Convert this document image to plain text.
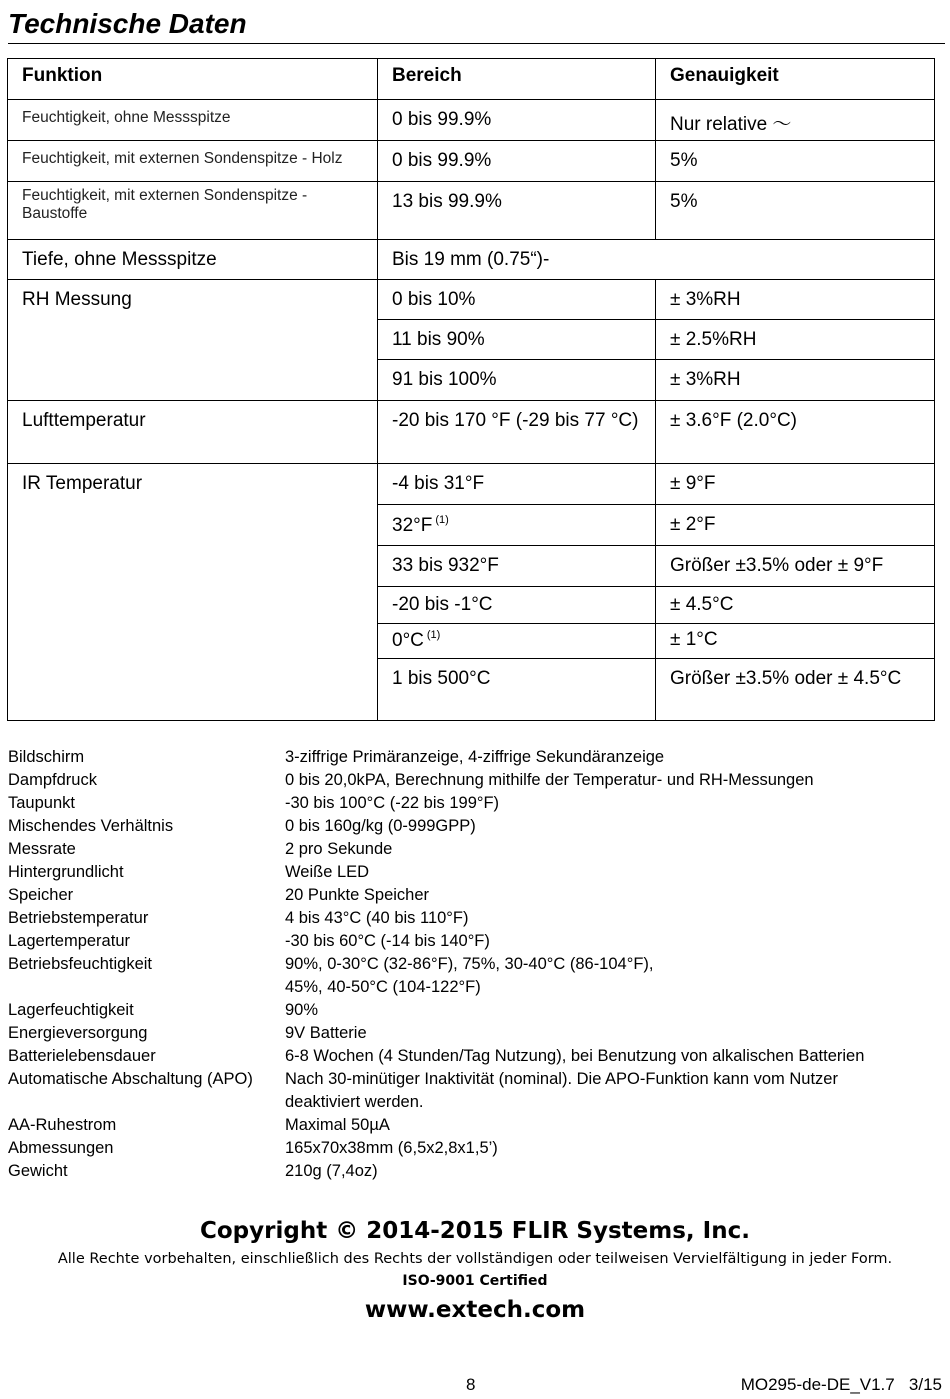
Technische Daten
Funktion	Bereich	Genauigkeit
Feuchtigkeit, ohne Messspitze	0 bis 99.9%	Nur relative ～
Feuchtigkeit, mit externen Sondenspitze - Holz	0 bis 99.9%	5%
Feuchtigkeit, mit externen Sondenspitze - Baustoffe	13 bis 99.9%	5%
Tiefe, ohne Messspitze	Bis 19 mm (0.75“)-	
RH Messung	0 bis 10%	± 3%RH
	11 bis 90%	± 2.5%RH
	91 bis 100%	± 3%RH
Lufttemperatur	-20 bis 170 °F (-29 bis 77 °C)	± 3.6°F (2.0°C)
IR Temperatur	-4 bis 31°F	± 9°F
	32°F $^{(1)}$	± 2°F
	33 bis 932°F	Größer ±3.5% oder ± 9°F
	-20 bis -1°C	± 4.5°C
	0°C $^{(1)}$	± 1°C
	1 bis 500°C	Größer ±3.5% oder ± 4.5°C
Bildschirm	3-ziffrige Primäranzeige, 4-ziffrige Sekundäranzeige
Dampfdruck	0 bis 20,0kPA, Berechnung mithilfe der Temperatur- und RH-Messungen
Taupunkt	-30 bis 100°C (-22 bis 199°F)
Mischendes Verhältnis	0 bis 160g/kg (0-999GPP)
Messrate	2 pro Sekunde
Hintergrundlicht	Weiße LED
Speicher	20 Punkte Speicher
Betriebstemperatur	4 bis 43°C (40 bis 110°F)
Lagertemperatur	-30 bis 60°C (-14 bis 140°F)
Betriebsfeuchtigkeit	90%, 0-30°C (32-86°F), 75%, 30-40°C (86-104°F),
45%, 40-50°C (104-122°F)
Lagerfeuchtigkeit	90%
Energieversorgung	9V Batterie
Batterielebensdauer	6-8 Wochen (4 Stunden/Tag Nutzung), bei Benutzung von alkalischen Batterien
Automatische Abschaltung (APO)	Nach 30-minütiger Inaktivität (nominal). Die APO-Funktion kann vom Nutzer
deaktiviert werden.
AA-Ruhestrom	Maximal 50µA
Abmessungen	165x70x38mm (6,5x2,8x1,5’)
Gewicht	210g (7,4oz)
Copyright © 2014-2015 FLIR Systems, Inc.
Alle Rechte vorbehalten, einschließlich des Rechts der vollständigen oder teilweisen Vervielfältigung in jeder Form.
ISO-9001 Certified
www.extech.com
8	MO295-de-DE_V1.7   3/15
